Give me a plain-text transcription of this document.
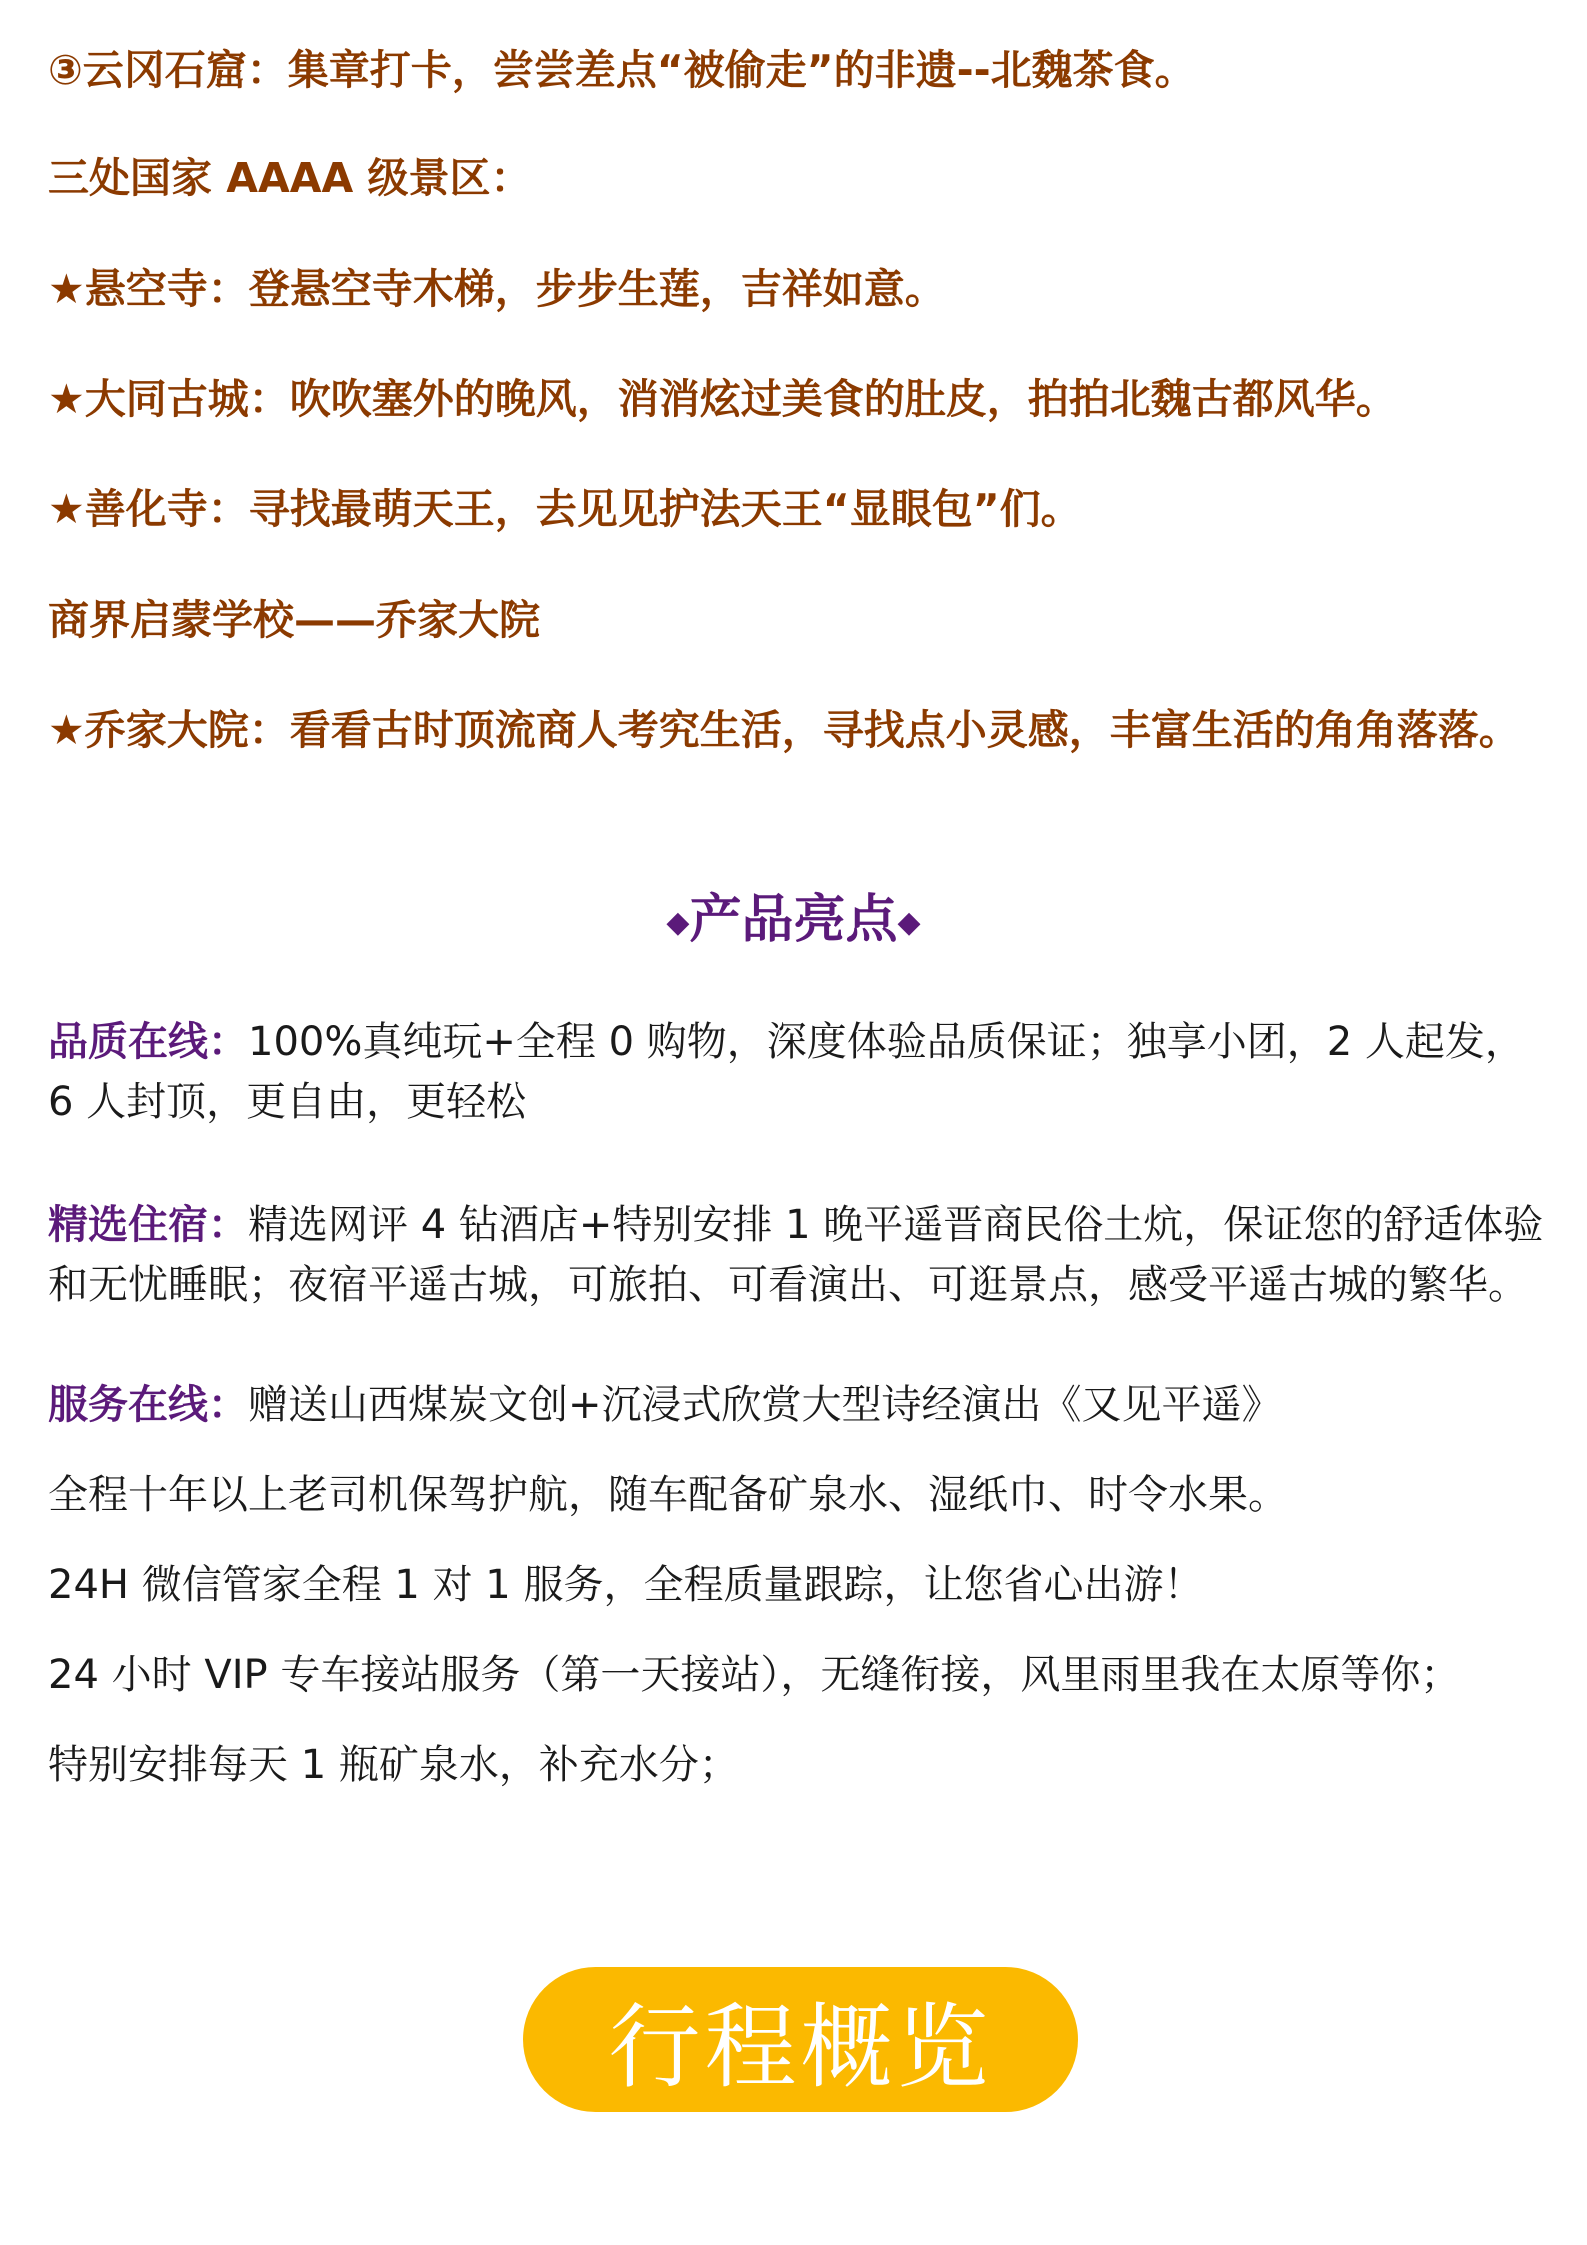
③云冈石窟：集章打卡，尝尝差点“被偷走”的非遗--北魏茶食。
三处国家 AAAA 级景区：
★悬空寺：登悬空寺木梯，步步生莲，吉祥如意。
★大同古城：吹吹塞外的晚风，消消炫过美食的肚皮，拍拍北魏古都风华。
★善化寺：寻找最萌天王，去见见护法天王“显眼包”们。
商界启蒙学校——乔家大院
★乔家大院：看看古时顶流商人考究生活，寻找点小灵感，丰富生活的角角落落。
◆产品亮点◆
品质在线：100%真纯玩+全程 0 购物，深度体验品质保证；独享小团，2 人起发，6 人封顶，更自由，更轻松
精选住宿：精选网评 4 钻酒店+特别安排 1 晚平遥晋商民俗土炕，保证您的舒适体验和无忧睡眠；夜宿平遥古城，可旅拍、可看演出、可逛景点，感受平遥古城的繁华。
服务在线：赠送山西煤炭文创+沉浸式欣赏大型诗经演出《又见平遥》
全程十年以上老司机保驾护航，随车配备矿泉水、湿纸巾、时令水果。
24H 微信管家全程 1 对 1 服务，全程质量跟踪，让您省心出游！
24 小时 VIP 专车接站服务（第一天接站），无缝衔接，风里雨里我在太原等你；
特别安排每天 1 瓶矿泉水，补充水分；
行程概览
